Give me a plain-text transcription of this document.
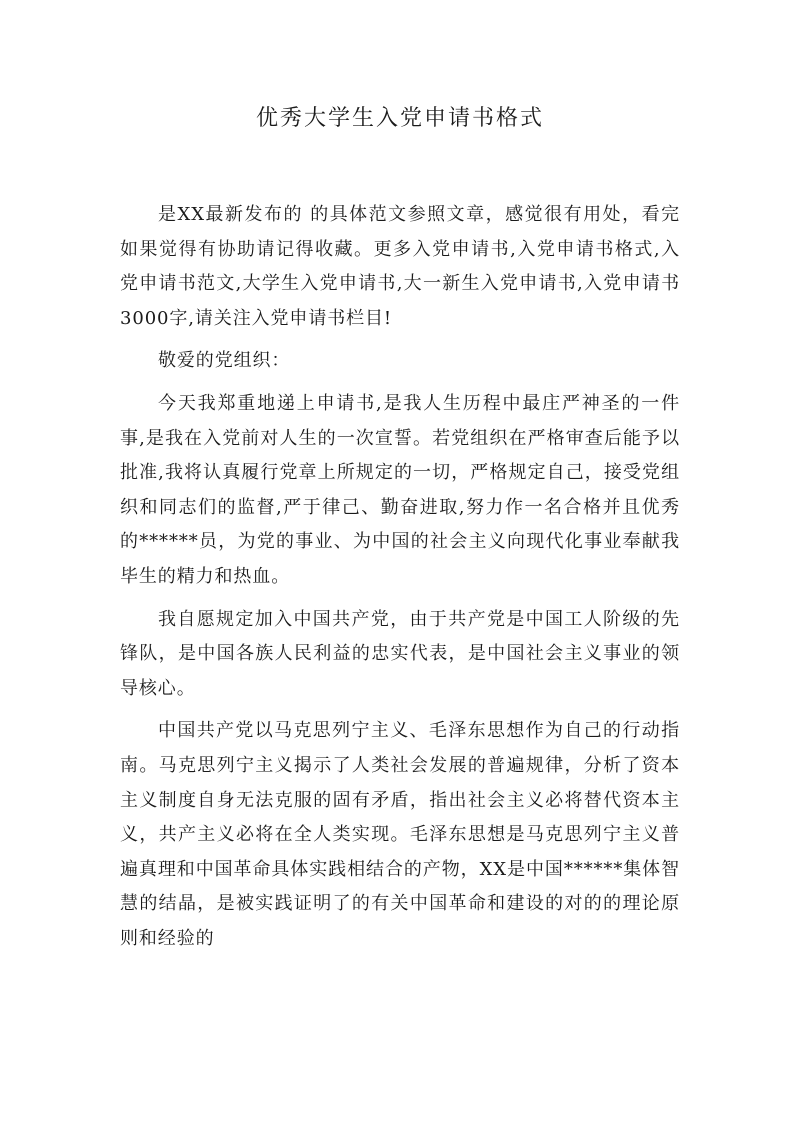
优秀大学生入党申请书格式

是XX最新发布的 的具体范文参照文章，感觉很有用处，看完如果觉得有协助请记得收藏。更多入党申请书,入党申请书格式,入党申请书范文,大学生入党申请书,大一新生入党申请书,入党申请书3000字,请关注入党申请书栏目!

敬爱的党组织：

今天我郑重地递上申请书,是我人生历程中最庄严神圣的一件事,是我在入党前对人生的一次宣誓。若党组织在严格审查后能予以批准,我将认真履行党章上所规定的一切，严格规定自己，接受党组织和同志们的监督,严于律己、勤奋进取,努力作一名合格并且优秀的******员，为党的事业、为中国的社会主义向现代化事业奉献我毕生的精力和热血。

我自愿规定加入中国共产党，由于共产党是中国工人阶级的先锋队，是中国各族人民利益的忠实代表，是中国社会主义事业的领导核心。

中国共产党以马克思列宁主义、毛泽东思想作为自己的行动指南。马克思列宁主义揭示了人类社会发展的普遍规律，分析了资本主义制度自身无法克服的固有矛盾，指出社会主义必将替代资本主义，共产主义必将在全人类实现。毛泽东思想是马克思列宁主义普遍真理和中国革命具体实践相结合的产物，XX是中国******集体智慧的结晶，是被实践证明了的有关中国革命和建设的对的的理论原则和经验的
